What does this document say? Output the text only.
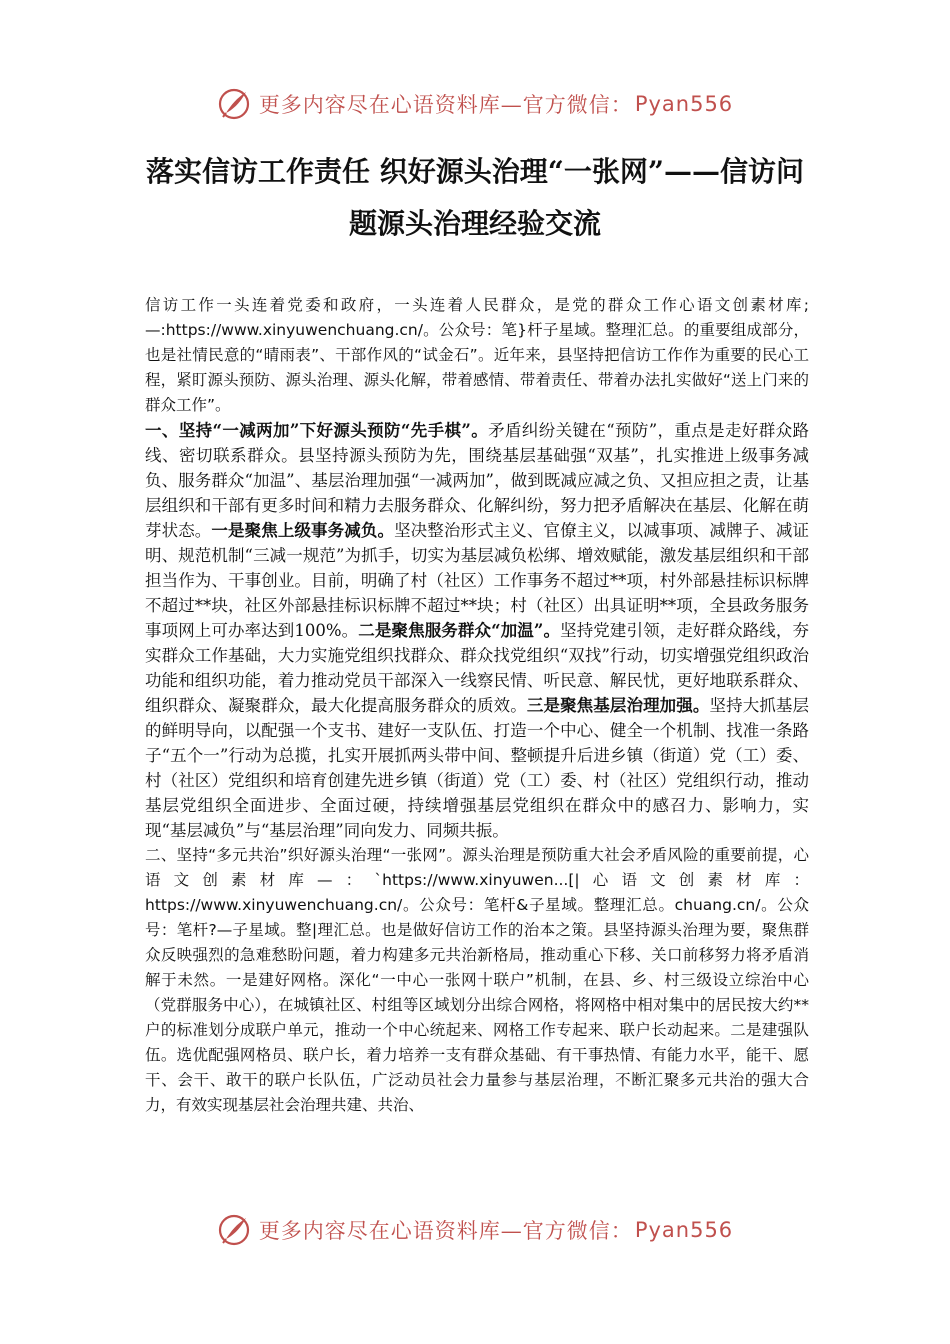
更多内容尽在心语资料库—官方微信： Pyan556
落实信访工作责任 织好源头治理“一张网”——信访问题源头治理经验交流

信访工作一头连着党委和政府，一头连着人民群众，是党的群众工作心语文创素材库;—:https://www.xinyuwenchuang.cn/。公众号：笔}杆子星域。整理汇总。的重要组成部分，也是社情民意的“晴雨表”、干部作风的“试金石”。近年来，县坚持把信访工作作为重要的民心工程，紧盯源头预防、源头治理、源头化解，带着感情、带着责任、带着办法扎实做好“送上门来的群众工作”。

一、坚持“一减两加”下好源头预防“先手棋”。矛盾纠纷关键在“预防”，重点是走好群众路线、密切联系群众。县坚持源头预防为先，围绕基层基础强“双基”，扎实推进上级事务减负、服务群众“加温”、基层治理加强“一减两加”，做到既减应减之负、又担应担之责，让基层组织和干部有更多时间和精力去服务群众、化解纠纷，努力把矛盾解决在基层、化解在萌芽状态。一是聚焦上级事务减负。坚决整治形式主义、官僚主义，以减事项、减牌子、减证明、规范机制“三减一规范”为抓手，切实为基层减负松绑、增效赋能，激发基层组织和干部担当作为、干事创业。目前，明确了村（社区）工作事务不超过**项，村外部悬挂标识标牌不超过**块，社区外部悬挂标识标牌不超过**块；村（社区）出具证明**项，全县政务服务事项网上可办率达到100%。二是聚焦服务群众“加温”。坚持党建引领，走好群众路线，夯实群众工作基础，大力实施党组织找群众、群众找党组织“双找”行动，切实增强党组织政治功能和组织功能，着力推动党员干部深入一线察民情、听民意、解民忧，更好地联系群众、组织群众、凝聚群众，最大化提高服务群众的质效。三是聚焦基层治理加强。坚持大抓基层的鲜明导向，以配强一个支书、建好一支队伍、打造一个中心、健全一个机制、找准一条路子“五个一”行动为总揽，扎实开展抓两头带中间、整顿提升后进乡镇（街道）党（工）委、村（社区）党组织和培育创建先进乡镇（街道）党（工）委、村（社区）党组织行动，推动基层党组织全面进步、全面过硬，持续增强基层党组织在群众中的感召力、影响力，实现“基层减负”与“基层治理”同向发力、同频共振。

二、坚持“多元共治”织好源头治理“一张网”。源头治理是预防重大社会矛盾风险的重要前提，心语文创素材库—：`https://www.xinyuwen...[|心语文创素材库：https://www.xinyuwenchuang.cn/。公众号：笔杆&子星域。整理汇总。chuang.cn/。公众号：笔杆?—子星域。整|理汇总。也是做好信访工作的治本之策。县坚持源头治理为要，聚焦群众反映强烈的急难愁盼问题，着力构建多元共治新格局，推动重心下移、关口前移努力将矛盾消解于未然。一是建好网格。深化“一中心一张网十联户”机制，在县、乡、村三级设立综治中心（党群服务中心），在城镇社区、村组等区域划分出综合网格，将网格中相对集中的居民按大约**户的标准划分成联户单元，推动一个中心统起来、网格工作专起来、联户长动起来。二是建强队伍。选优配强网格员、联户长，着力培养一支有群众基础、有干事热情、有能力水平，能干、愿干、会干、敢干的联户长队伍，广泛动员社会力量参与基层治理，不断汇聚多元共治的强大合力，有效实现基层社会治理共建、共治、

更多内容尽在心语资料库—官方微信： Pyan556
